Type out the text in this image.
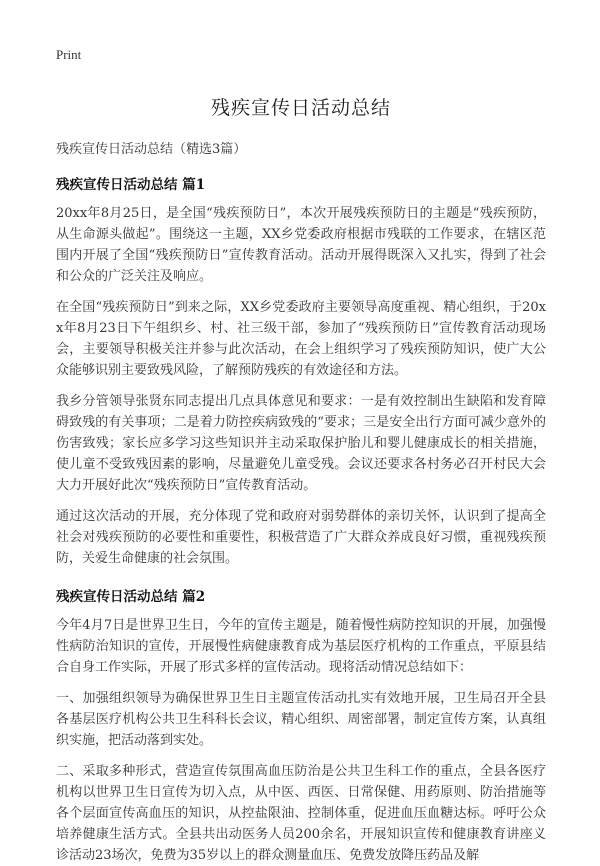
Print
残疾宣传日活动总结

残疾宣传日活动总结（精选3篇）

残疾宣传日活动总结 篇1

20xx年8月25日，是全国“残疾预防日”，本次开展残疾预防日的主题是“残疾预防，从生命源头做起”。围绕这一主题，XX乡党委政府根据市残联的工作要求，在辖区范围内开展了全国“残疾预防日”宣传教育活动。活动开展得既深入又扎实，得到了社会和公众的广泛关注及响应。

在全国“残疾预防日”到来之际，XX乡党委政府主要领导高度重视、精心组织，于20xx年8月23日下午组织乡、村、社三级干部，参加了“残疾预防日”宣传教育活动现场会，主要领导积极关注并参与此次活动，在会上组织学习了残疾预防知识，使广大公众能够识别主要致残风险，了解预防残疾的有效途径和方法。

我乡分管领导张贤东同志提出几点具体意见和要求：一是有效控制出生缺陷和发育障碍致残的有关事项；二是着力防控疾病致残的“要求；三是安全出行方面可减少意外的伤害致残；家长应多学习这些知识并主动采取保护胎儿和婴儿健康成长的相关措施，使儿童不受致残因素的影响，尽量避免儿童受残。会议还要求各村务必召开村民大会大力开展好此次“残疾预防日”宣传教育活动。

通过这次活动的开展，充分体现了党和政府对弱势群体的亲切关怀，认识到了提高全社会对残疾预防的必要性和重要性，积极营造了广大群众养成良好习惯，重视残疾预防，关爱生命健康的社会氛围。

残疾宣传日活动总结 篇2

今年4月7日是世界卫生日，今年的宣传主题是，随着慢性病防控知识的开展，加强慢性病防治知识的宣传，开展慢性病健康教育成为基层医疗机构的工作重点，平原县结合自身工作实际，开展了形式多样的宣传活动。现将活动情况总结如下：

一、加强组织领导为确保世界卫生日主题宣传活动扎实有效地开展，卫生局召开全县各基层医疗机构公共卫生科科长会议，精心组织、周密部署，制定宣传方案，认真组织实施，把活动落到实处。

二、采取多种形式，营造宣传氛围高血压防治是公共卫生科工作的重点，全县各医疗机构以世界卫生日宣传为切入点，从中医、西医、日常保健、用药原则、防治措施等各个层面宣传高血压的知识，从控盐限油、控制体重，促进血压血糖达标。呼吁公众培养健康生活方式。全县共出动医务人员200余名，开展知识宣传和健康教育讲座义诊活动23场次，免费为35岁以上的群众测量血压、免费发放降压药品及解
